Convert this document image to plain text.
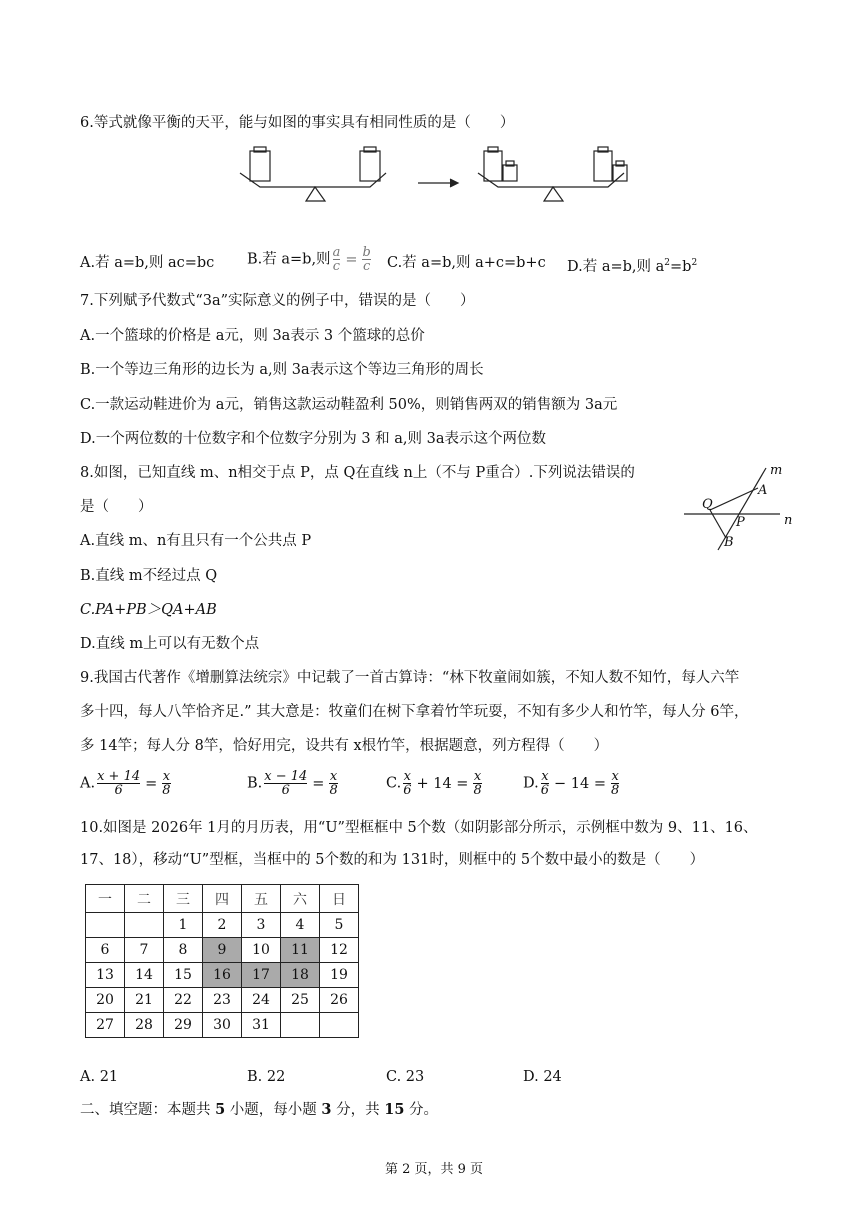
6.等式就像平衡的天平，能与如图的事实具有相同性质的是（　　）
A.若 a=b,则 ac=bc B.若 a=b,则 $\frac{a}{c} = \frac{b}{c} C$.若 a=b,则 a+c=b+c D.若 a=b,则 $a^2=b^2$
7.下列赋予代数式“3a”实际意义的例子中，错误的是（　　）
A.一个篮球的价格是 a元，则 3a表示 3 个篮球的总价
B.一个等边三角形的边长为 a,则 3a表示这个等边三角形的周长
C.一款运动鞋进价为 a元，销售这款运动鞋盈利 50%，则销售两双的销售额为 3a元
D.一个两位数的十位数字和个位数字分别为 3 和 a,则 3a表示这个两位数
8.如图，已知直线 m、n相交于点 P，点 Q在直线 n上（不与 P重合）.下列说法错误的
是（　　）
A.直线 m、n有且只有一个公共点 P
B.直线 m不经过点 Q
C.PA+PB＞QA+AB
D.直线 m上可以有无数个点
m
n
A
P
Q
B
9.我国古代著作《增删算法统宗》中记载了一首古算诗：“林下牧童闹如簇，不知人数不知竹，每人六竿
多十四，每人八竿恰齐足.” 其大意是：牧童们在树下拿着竹竿玩耍，不知有多少人和竹竿，每人分 6竿，
多 14竿；每人分 8竿，恰好用完，设共有 x根竹竿，根据题意，列方程得（　　）
A. $\frac{x + 14}{6} = \frac{x}{8}$	B. $\frac{x - 14}{6} = \frac{x}{8}$	C. $\frac{x}{6} + 14 = \frac{x}{8}$	D. $\frac{x}{6} - 14 = \frac{x}{8}$
10.如图是 2026年 1月的月历表，用“U”型框框中 5个数（如阴影部分所示，示例框中数为 9、11、16、
17、18），移动“U”型框，当框中的 5个数的和为 131时，则框中的 5个数中最小的数是（　　）
一	二	三	四	五	六	日
		1	2	3	4	5
6	7	8	9	10	11	12
13	14	15	16	17	18	19
20	21	22	23	24	25	26
27	28	29	30	31		
A. 21	B. 22	C. 23	D. 24
二、填空题：本题共 5 小题，每小题 3 分，共 15 分。
第 2 页，共 9 页
